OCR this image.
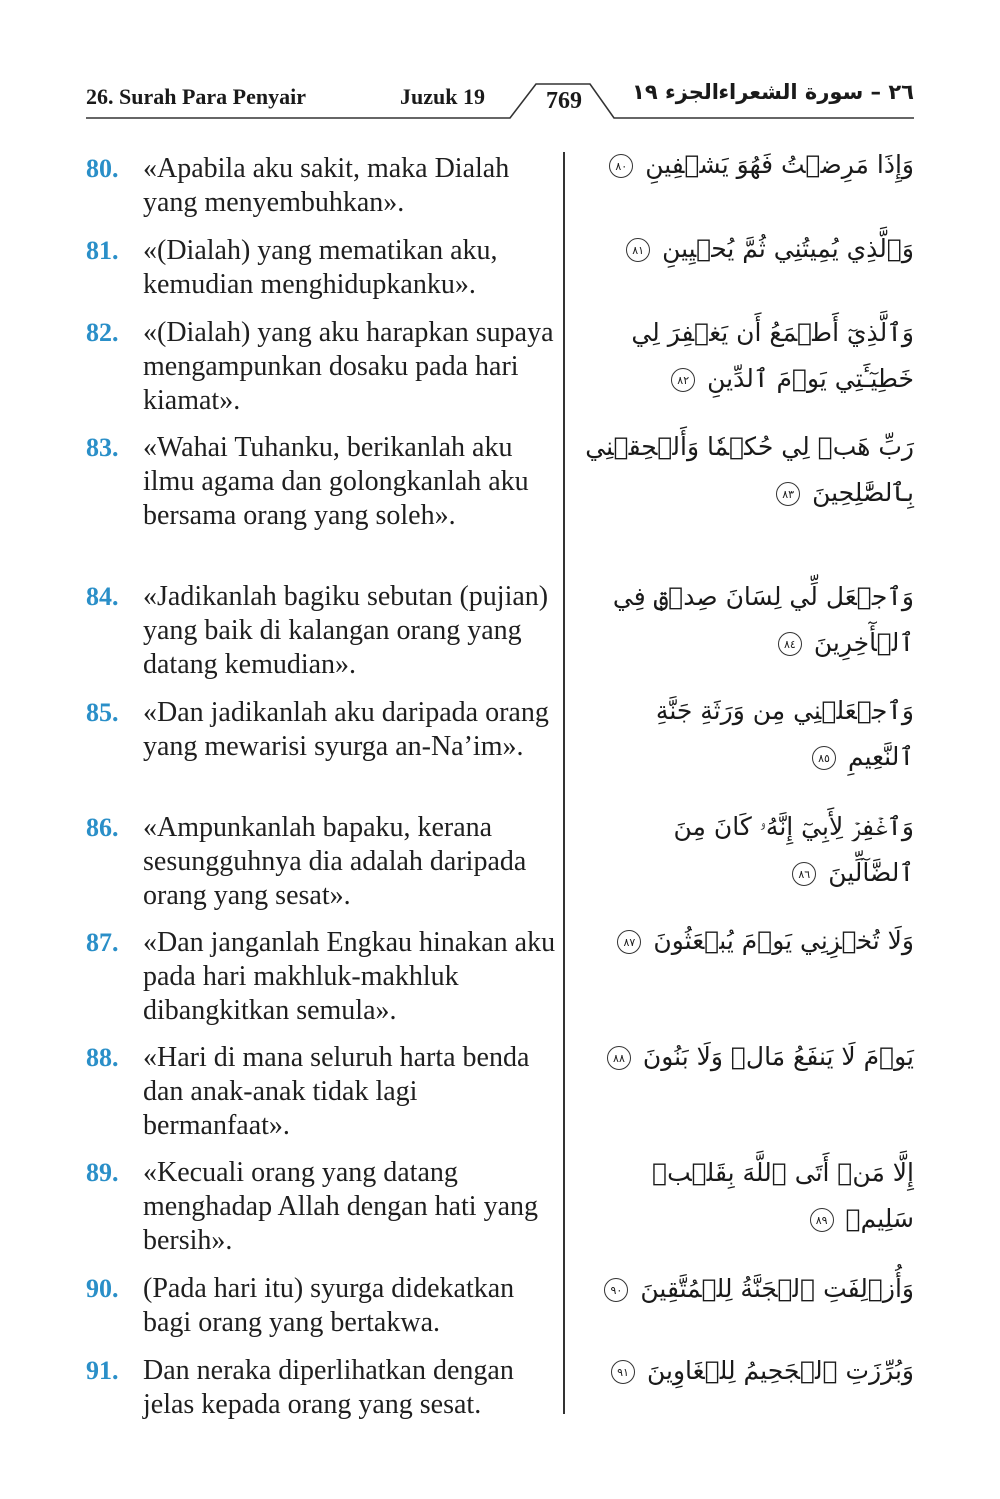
26. Surah Para Penyair	Juzuk 19	769	الجزء ١٩ ٢٦ – سورة الشعراء
80. «Apabila aku sakit, maka Dialah yang menyembuhkan».
وَإِذَا مَرِضۡتُ فَهُوَ يَشۡفِينِ ٨٠
81. «(Dialah) yang mematikan aku, kemudian menghidupkanku».
وَٱلَّذِي يُمِيتُنِي ثُمَّ يُحۡيِينِ ٨١
82. «(Dialah) yang aku harapkan supaya mengampunkan dosaku pada hari kiamat».
وَٱلَّذِيٓ أَطۡمَعُ أَن يَغۡفِرَ لِي خَطِيٓـَٔتِي يَوۡمَ ٱلدِّينِ ٨٢
83. «Wahai Tuhanku, berikanlah aku ilmu agama dan golongkanlah aku bersama orang yang soleh».
رَبِّ هَبۡ لِي حُكۡمٗا وَأَلۡحِقۡنِي بِٱلصَّٰلِحِينَ ٨٣
84. «Jadikanlah bagiku sebutan (pujian) yang baik di kalangan orang yang datang kemudian».
وَٱجۡعَل لِّي لِسَانَ صِدۡقٖ فِي ٱلۡأٓخِرِينَ ٨٤
85. «Dan jadikanlah aku daripada orang yang mewarisi syurga an-Na’im».
وَٱجۡعَلۡنِي مِن وَرَثَةِ جَنَّةِ ٱلنَّعِيمِ ٨٥
86. «Ampunkanlah bapaku, kerana sesungguhnya dia adalah daripada orang yang sesat».
وَٱغۡفِرۡ لِأَبِيٓ إِنَّهُۥ كَانَ مِنَ ٱلضَّآلِّينَ ٨٦
87. «Dan janganlah Engkau hinakan aku pada hari makhluk-makhluk dibangkitkan semula».
وَلَا تُخۡزِنِي يَوۡمَ يُبۡعَثُونَ ٨٧
88. «Hari di mana seluruh harta benda dan anak-anak tidak lagi bermanfaat».
يَوۡمَ لَا يَنفَعُ مَالٞ وَلَا بَنُونَ ٨٨
89. «Kecuali orang yang datang menghadap Allah dengan hati yang bersih».
إِلَّا مَنۡ أَتَى ٱللَّهَ بِقَلۡبٖ سَلِيمٖ ٨٩
90. (Pada hari itu) syurga didekatkan bagi orang yang bertakwa.
وَأُزۡلِفَتِ ٱلۡجَنَّةُ لِلۡمُتَّقِينَ ٩٠
91. Dan neraka diperlihatkan dengan jelas kepada orang yang sesat.
وَبُرِّزَتِ ٱلۡجَحِيمُ لِلۡغَاوِينَ ٩١
